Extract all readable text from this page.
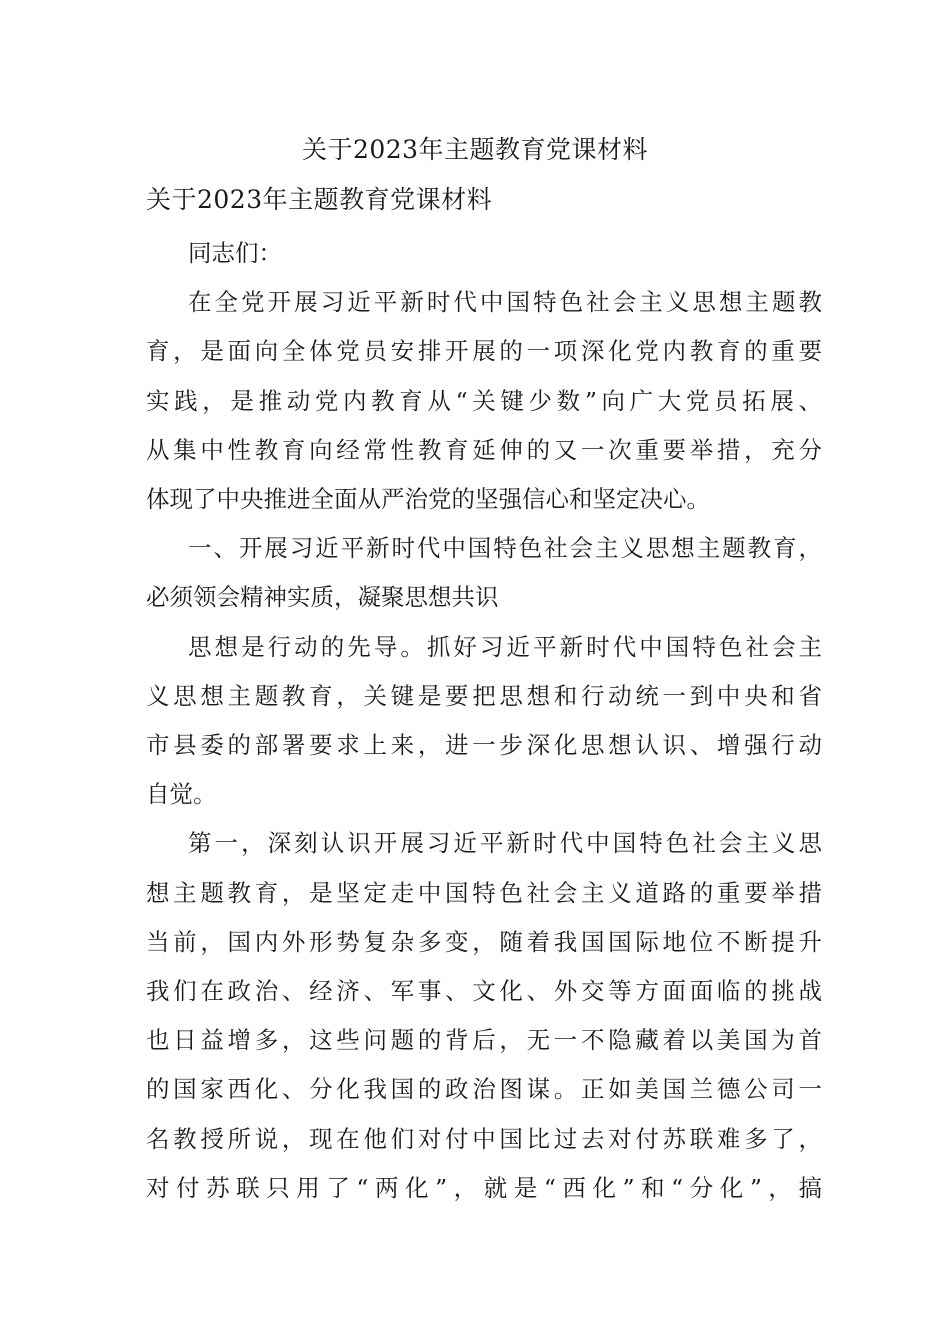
关于2023年主题教育党课材料
关于2023年主题教育党课材料
同志们：
在全党开展习近平新时代中国特色社会主义思想主题教
育，是面向全体党员安排开展的一项深化党内教育的重要
实践，是推动党内教育从“关键少数”向广大党员拓展、
从集中性教育向经常性教育延伸的又一次重要举措，充分
体现了中央推进全面从严治党的坚强信心和坚定决心。
一、开展习近平新时代中国特色社会主义思想主题教育，
必须领会精神实质，凝聚思想共识
思想是行动的先导。抓好习近平新时代中国特色社会主
义思想主题教育，关键是要把思想和行动统一到中央和省
市县委的部署要求上来，进一步深化思想认识、增强行动
自觉。
第一，深刻认识开展习近平新时代中国特色社会主义思
想主题教育，是坚定走中国特色社会主义道路的重要举措
当前，国内外形势复杂多变，随着我国国际地位不断提升
我们在政治、经济、军事、文化、外交等方面面临的挑战
也日益增多，这些问题的背后，无一不隐藏着以美国为首
的国家西化、分化我国的政治图谋。正如美国兰德公司一
名教授所说，现在他们对付中国比过去对付苏联难多了，
对付苏联只用了“两化”，就是“西化”和“分化”，搞
